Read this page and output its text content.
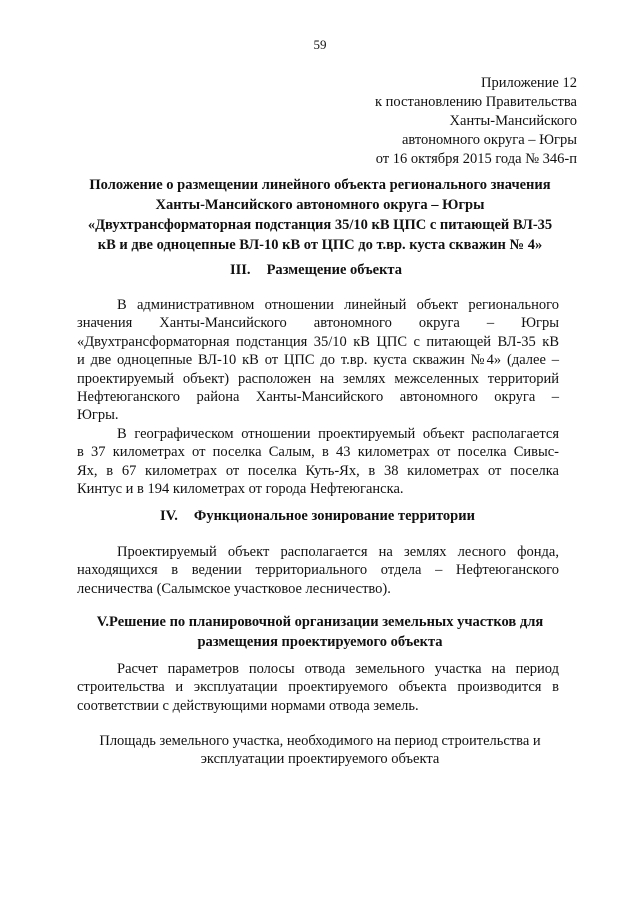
59
Приложение 12
к постановлению Правительства
Ханты-Мансийского
автономного округа – Югры
от 16 октября 2015 года № 346-п
Положение о размещении линейного объекта регионального значения
Ханты-Мансийского автономного округа – Югры
«Двухтрансформаторная подстанция 35/10 кВ ЦПС с питающей ВЛ-35
кВ и две одноцепные ВЛ-10 кВ от ЦПС до т.вр. куста скважин № 4»
III. Размещение объекта
В административном отношении линейный объект регионального
значения Ханты-Мансийского автономного округа – Югры
«Двухтрансформаторная подстанция 35/10 кВ ЦПС с питающей ВЛ-35 кВ
и две одноцепные ВЛ-10 кВ от ЦПС до т.вр. куста скважин №4» (далее –
проектируемый объект) расположен на землях межселенных территорий
Нефтеюганского района Ханты-Мансийского автономного округа –
Югры.
В географическом отношении проектируемый объект располагается
в 37 километрах от поселка Салым, в 43 километрах от поселка Сивыс-
Ях, в 67 километрах от поселка Куть-Ях, в 38 километрах от поселка
Кинтус и в 194 километрах от города Нефтеюганска.
IV. Функциональное зонирование территории
Проектируемый объект располагается на землях лесного фонда,
находящихся в ведении территориального отдела – Нефтеюганского
лесничества (Салымское участковое лесничество).
V.Решение по планировочной организации земельных участков для
размещения проектируемого объекта
Расчет параметров полосы отвода земельного участка на период
строительства и эксплуатации проектируемого объекта производится в
соответствии с действующими нормами отвода земель.
Площадь земельного участка, необходимого на период строительства и
эксплуатации проектируемого объекта
